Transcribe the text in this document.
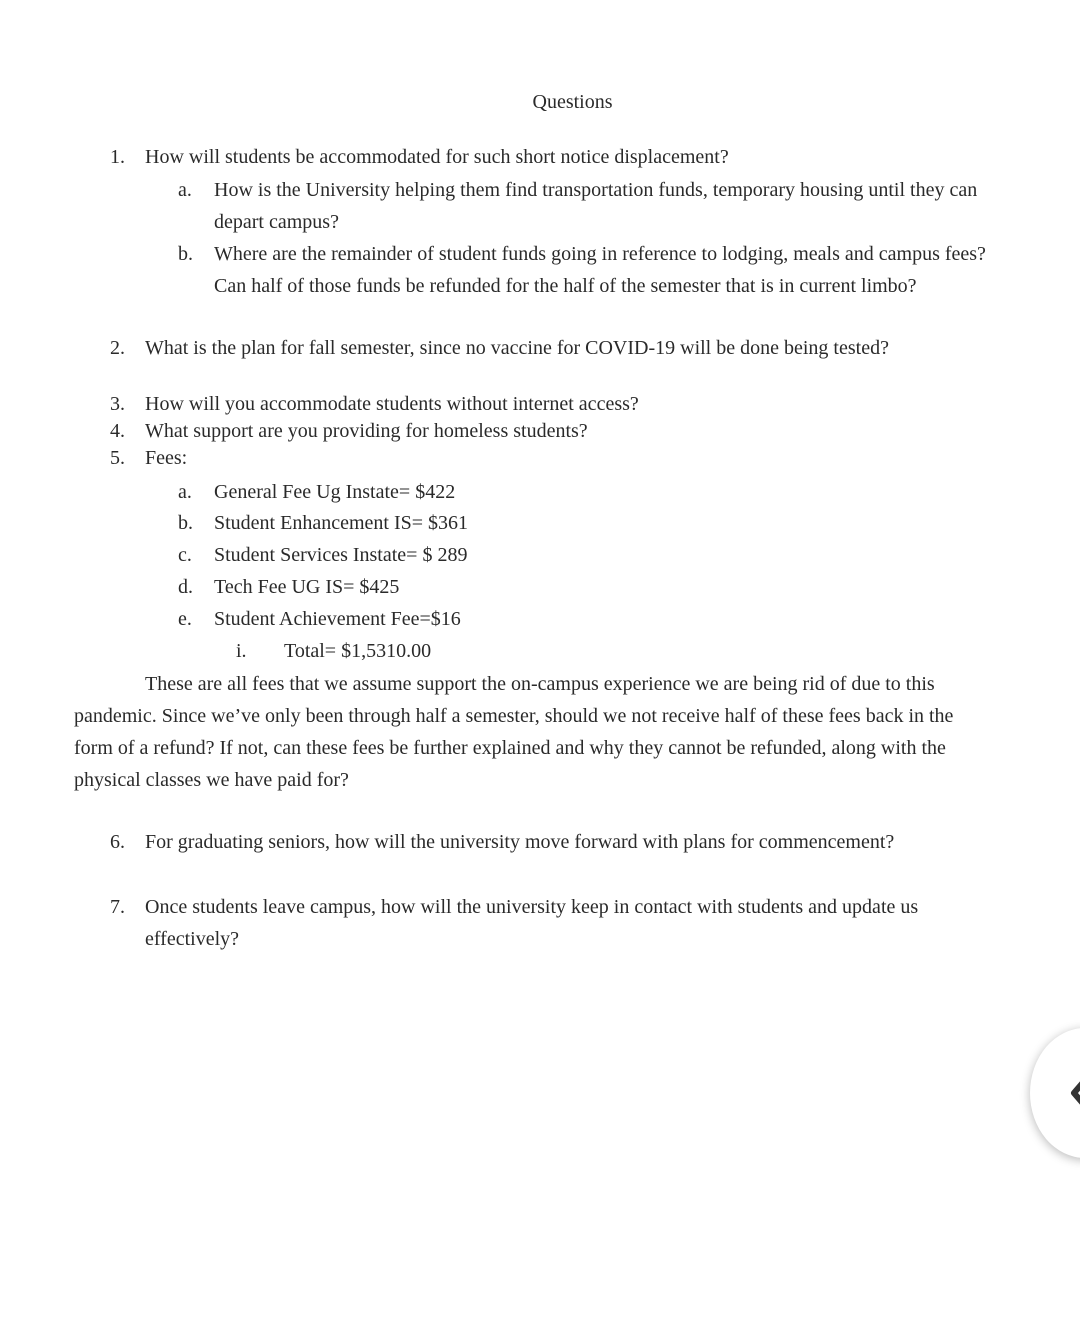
Questions
1.	How will students be accommodated for such short notice displacement?
a.	How is the University helping them find transportation funds, temporary housing until they can depart campus?
b.	Where are the remainder of student funds going in reference to lodging, meals and campus fees? Can half of those funds be refunded for the half of the semester that is in current limbo?
2.	What is the plan for fall semester, since no vaccine for COVID-19 will be done being tested?
3.	How will you accommodate students without internet access?
4.	What support are you providing for homeless students?
5.	Fees:
a.	General Fee Ug Instate= $422
b.	Student Enhancement IS= $361
c.	Student Services Instate= $ 289
d.	Tech Fee UG IS= $425
e.	Student Achievement Fee=$16
i.	Total= $1,5310.00
These are all fees that we assume support the on-campus experience we are being rid of due to this pandemic. Since we’ve only been through half a semester, should we not receive half of these fees back in the form of a refund? If not, can these fees be further explained and why they cannot be refunded, along with the physical classes we have paid for?
6.	For graduating seniors, how will the university move forward with plans for commencement?
7.	Once students leave campus, how will the university keep in contact with students and update us effectively?
